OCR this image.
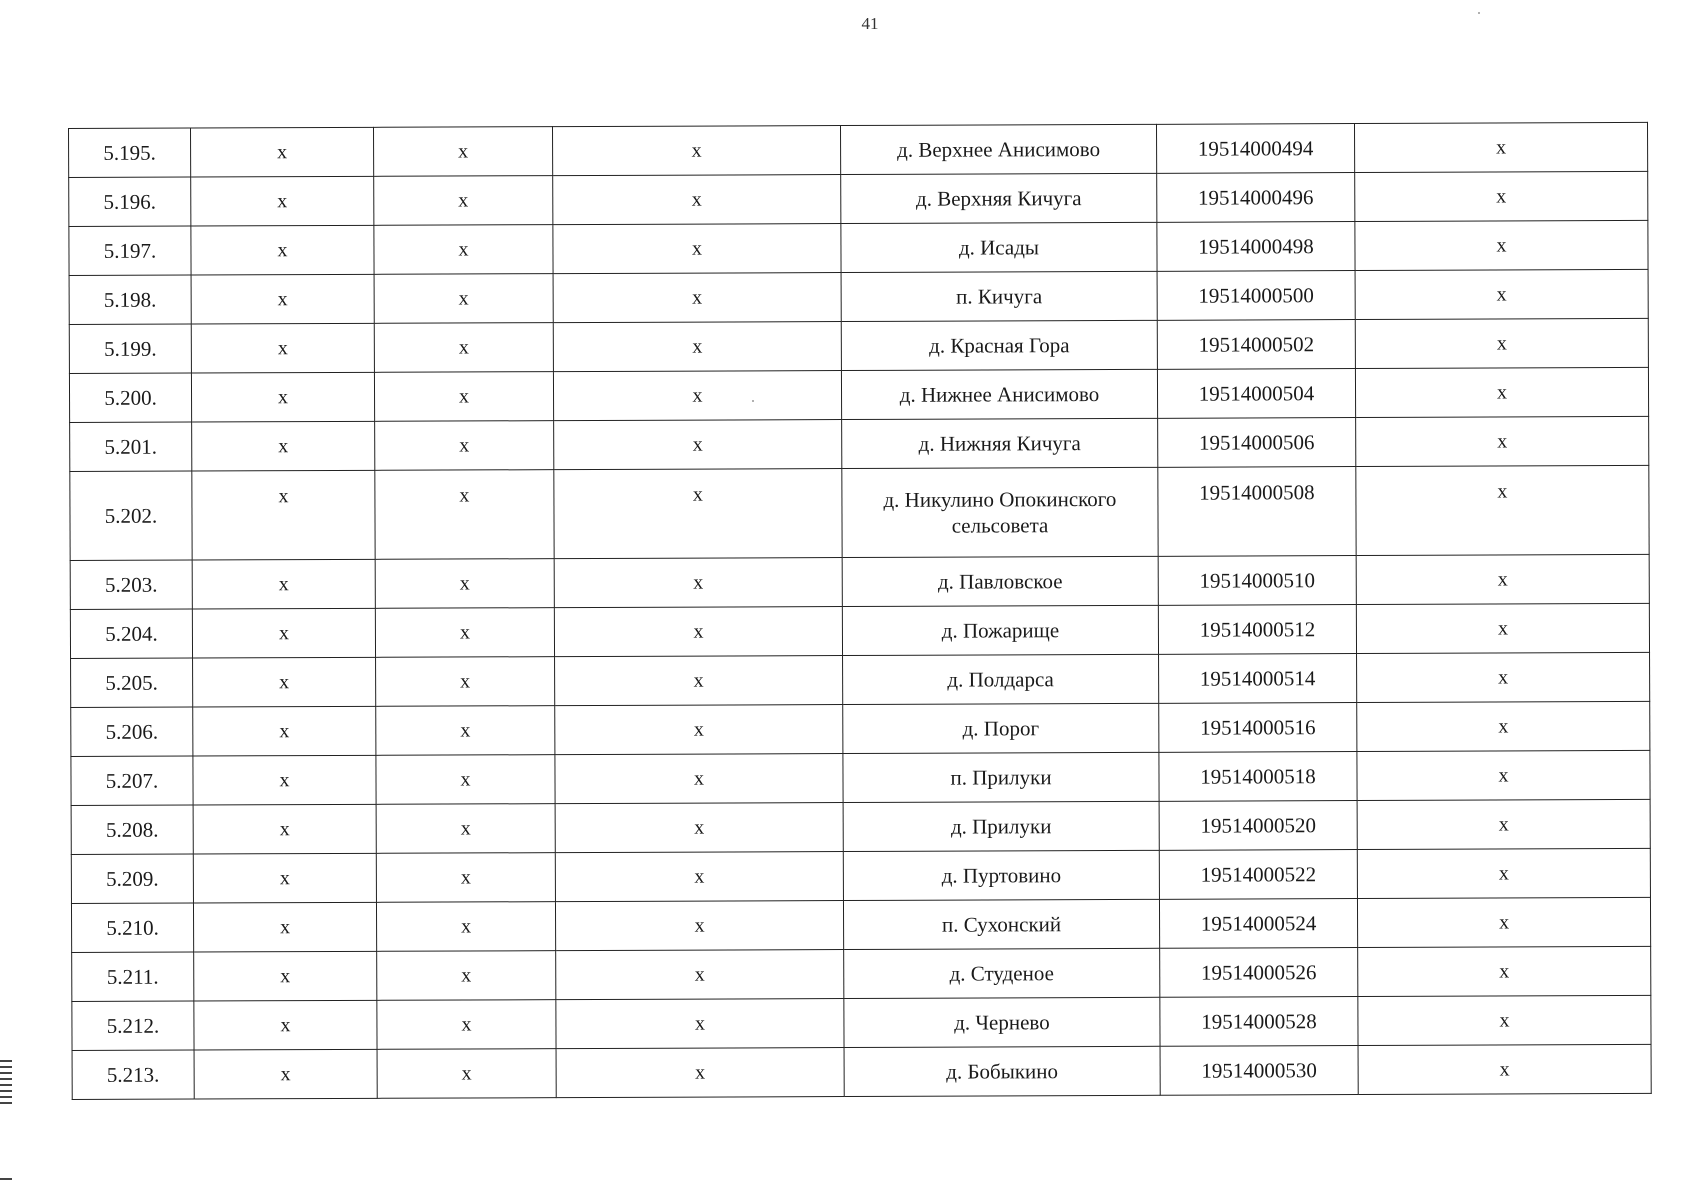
41
5.195.	x	x	x	д. Верхнее Анисимово	19514000494	x
5.196.	x	x	x	д. Верхняя Кичуга	19514000496	x
5.197.	x	x	x	д. Исады	19514000498	x
5.198.	x	x	x	п. Кичуга	19514000500	x
5.199.	x	x	x	д. Красная Гора	19514000502	x
5.200.	x	x	x	д. Нижнее Анисимово	19514000504	x
5.201.	x	x	x	д. Нижняя Кичуга	19514000506	x
5.202.	x	x	x	д. Никулино Опокинского сельсовета	19514000508	x
5.203.	x	x	x	д. Павловское	19514000510	x
5.204.	x	x	x	д. Пожарище	19514000512	x
5.205.	x	x	x	д. Полдарса	19514000514	x
5.206.	x	x	x	д. Порог	19514000516	x
5.207.	x	x	x	п. Прилуки	19514000518	x
5.208.	x	x	x	д. Прилуки	19514000520	x
5.209.	x	x	x	д. Пуртовино	19514000522	x
5.210.	x	x	x	п. Сухонский	19514000524	x
5.211.	x	x	x	д. Студеное	19514000526	x
5.212.	x	x	x	д. Чернево	19514000528	x
5.213.	x	x	x	д. Бобыкино	19514000530	x
